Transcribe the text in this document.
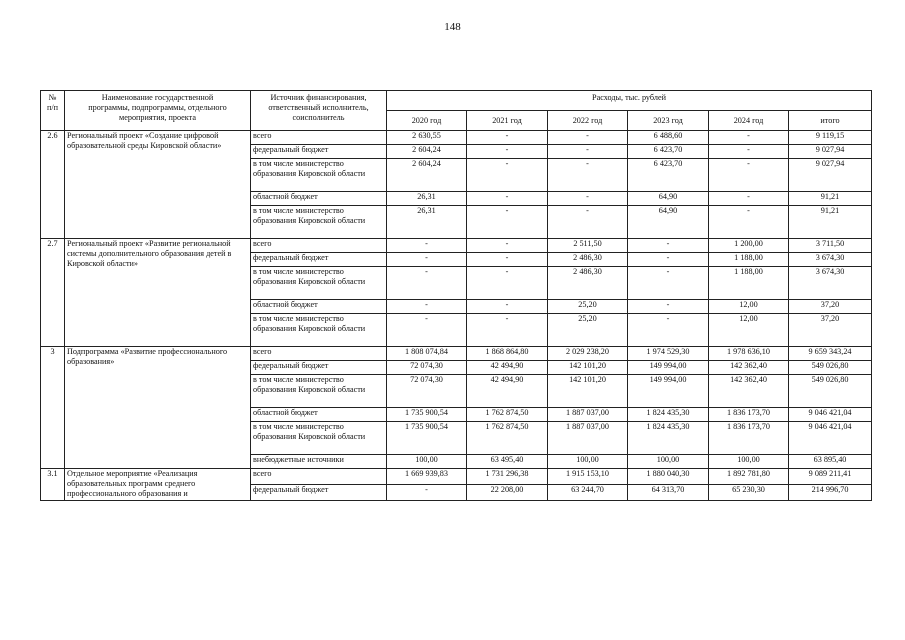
148
№
п/п	Наименование государственной
программы, подпрограммы, отдельного
мероприятия, проекта	Источник финансирования,
ответственный исполнитель,
соисполнитель	Расходы, тыс. рублей					
			2020 год	2021 год	2022 год	2023 год	2024 год	итого
2.6	Региональный проект «Создание цифровой образовательной среды Кировской области»	всего	2 630,55	-	-	6 488,60	-	9 119,15
		федеральный бюджет	2 604,24	-	-	6 423,70	-	9 027,94
		в том числе министерство образования Кировской области	2 604,24	-	-	6 423,70	-	9 027,94
		областной бюджет	26,31	-	-	64,90	-	91,21
		в том числе министерство образования Кировской области	26,31	-	-	64,90	-	91,21
2.7	Региональный проект «Развитие региональной системы дополнительного образования детей в Кировской области»	всего	-	-	2 511,50	-	1 200,00	3 711,50
		федеральный бюджет	-	-	2 486,30	-	1 188,00	3 674,30
		в том числе министерство образования Кировской области	-	-	2 486,30	-	1 188,00	3 674,30
		областной бюджет	-	-	25,20	-	12,00	37,20
		в том числе министерство образования Кировской области	-	-	25,20	-	12,00	37,20
3	Подпрограмма «Развитие профессионального образования»	всего	1 808 074,84	1 868 864,80	2 029 238,20	1 974 529,30	1 978 636,10	9 659 343,24
		федеральный бюджет	72 074,30	42 494,90	142 101,20	149 994,00	142 362,40	549 026,80
		в том числе министерство образования Кировской области	72 074,30	42 494,90	142 101,20	149 994,00	142 362,40	549 026,80
		областной бюджет	1 735 900,54	1 762 874,50	1 887 037,00	1 824 435,30	1 836 173,70	9 046 421,04
		в том числе министерство образования Кировской области	1 735 900,54	1 762 874,50	1 887 037,00	1 824 435,30	1 836 173,70	9 046 421,04
		внебюджетные источники	100,00	63 495,40	100,00	100,00	100,00	63 895,40
3.1	Отдельное мероприятие «Реализация образовательных программ среднего профессионального образования и	всего	1 669 939,83	1 731 296,38	1 915 153,10	1 880 040,30	1 892 781,80	9 089 211,41
		федеральный бюджет	-	22 208,00	63 244,70	64 313,70	65 230,30	214 996,70
